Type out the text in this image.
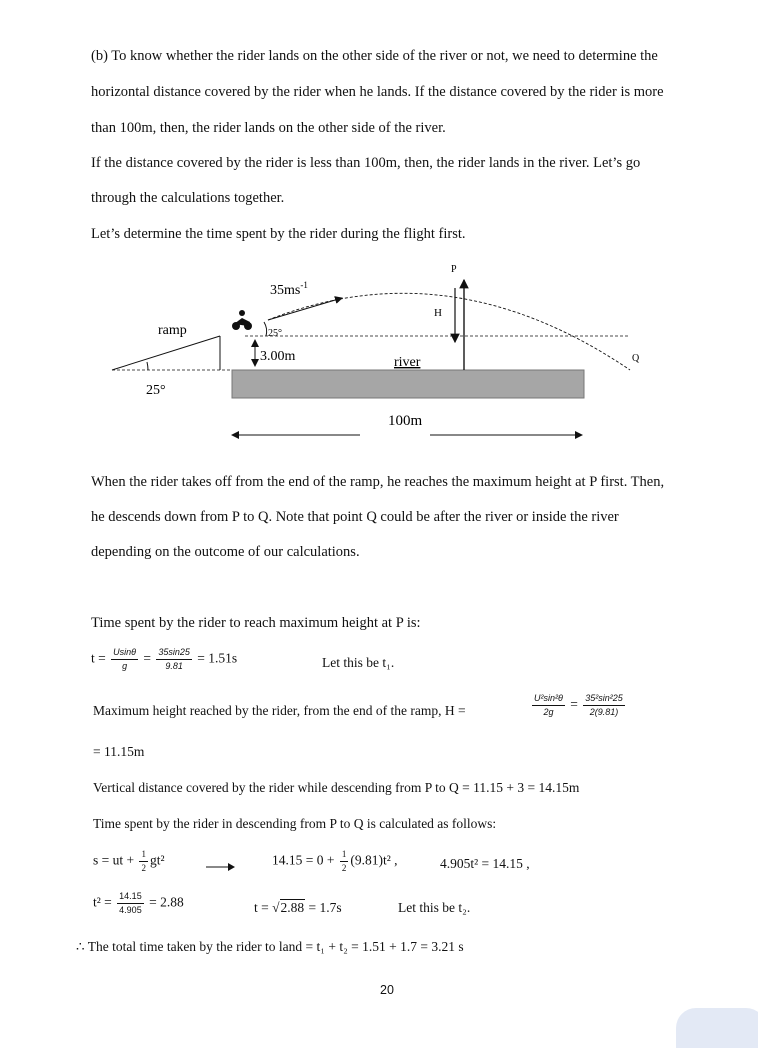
(b) To know whether the rider lands on the other side of the river or not, we need to determine the
horizontal distance covered by the rider when he lands. If the distance covered by the rider is more
than 100m, then, the rider lands on the other side of the river.
If the distance covered by the rider is less than 100m, then, the rider lands in the river. Let’s go
through the calculations together.
Let’s determine the time spent by the rider during the flight first.
$35ms^{-1}$
P
H
ramp	25°
3.00m	river	Q
25°
100m
When the rider takes off from the end of the ramp, he reaches the maximum height at P first. Then,
he descends down from P to Q. Note that point Q could be after the river or inside the river
depending on the outcome of our calculations.
Time spent by the rider to reach maximum height at P is:
$t = \frac{Usin\theta}{g} = \frac{35\sin 25}{9.81} = 1.51s$	Let this be t₁.
Maximum height reached by the rider, from the end of the ramp, H =	$\frac{\text{U²sin²θ}}{2g} = \frac{\text{35²sin²25}}{2(9.81)}$
= 11.15m
Vertical distance covered by the rider while descending from P to Q = 11.15 + 3 = 14.15m
Time spent by the rider in descending from P to Q is calculated as follows:
s = ut + $\frac{1}{2} gt^2$	$14.15 = 0 + \frac{1}{2} (9.81)t^2$ ,	4.905t² = 14.15 ,
$t^2 = \frac{14.15}{4.905} = 2.88$	t = √2.88 = 1.7s	Let this be t₂.
∴ The total time taken by the rider to land = t₁ + t₂ = 1.51 + 1.7 = 3.21 s
20
